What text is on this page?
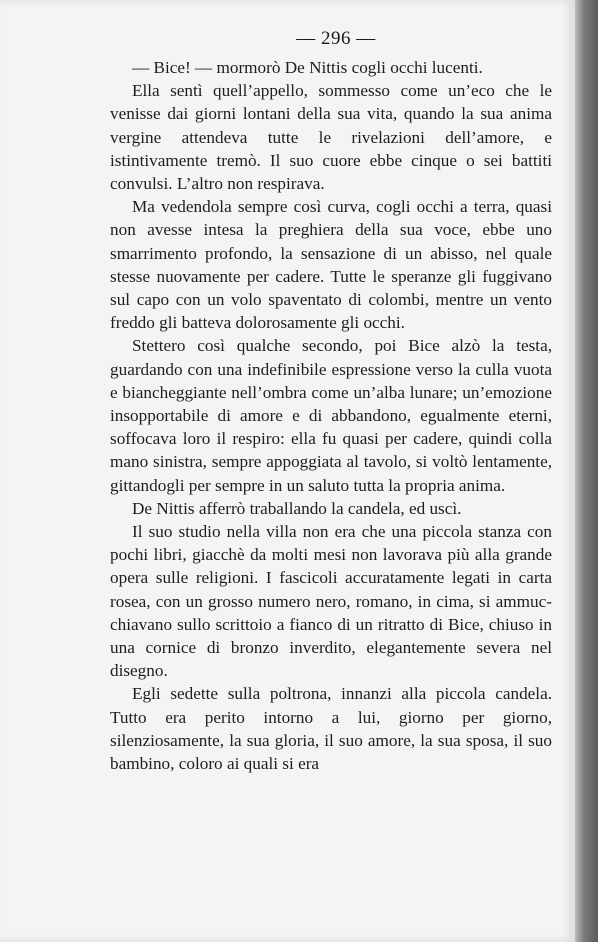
— 296 —

— Bice! — mormorò De Nittis cogli occhi lucenti.

Ella sentì quell’appello, sommesso come un’eco che le venisse dai giorni lontani della sua vita, quando la sua anima vergine attendeva tutte le rivelazioni dell’amore, e istintivamente tremò. Il suo cuore ebbe cinque o sei battiti convulsi. L’altro non respirava.

Ma vedendola sempre così curva, cogli occhi a terra, quasi non avesse intesa la preghiera della sua voce, ebbe uno smarrimento profondo, la sensazione di un abisso, nel quale stesse nuovamente per cadere. Tutte le speranze gli fuggivano sul capo con un volo spaventato di colombi, mentre un vento freddo gli batteva dolorosamente gli occhi.

Stettero così qualche secondo, poi Bice alzò la testa, guardando con una indefinibile espressione verso la culla vuota e biancheggiante nell’ombra come un’alba lunare; un’emozione insopportabile di amore e di abbandono, egualmente eterni, soffocava loro il respiro: ella fu quasi per cadere, quindi colla mano sinistra, sempre appoggiata al tavolo, si voltò lentamente, gittandogli per sempre in un saluto tutta la propria anima.

De Nittis afferrò traballando la candela, ed uscì.

Il suo studio nella villa non era che una piccola stanza con pochi libri, giacchè da molti mesi non lavorava più alla grande opera sulle religioni. I fascicoli accuratamente legati in carta rosea, con un grosso numero nero, romano, in cima, si ammucchiavano sullo scrittoio a fianco di un ritratto di Bice, chiuso in una cornice di bronzo inverdito, elegantemente severa nel disegno.

Egli sedette sulla poltrona, innanzi alla piccola candela. Tutto era perito intorno a lui, giorno per giorno, silenziosamente, la sua gloria, il suo amore, la sua sposa, il suo bambino, coloro ai quali si era
